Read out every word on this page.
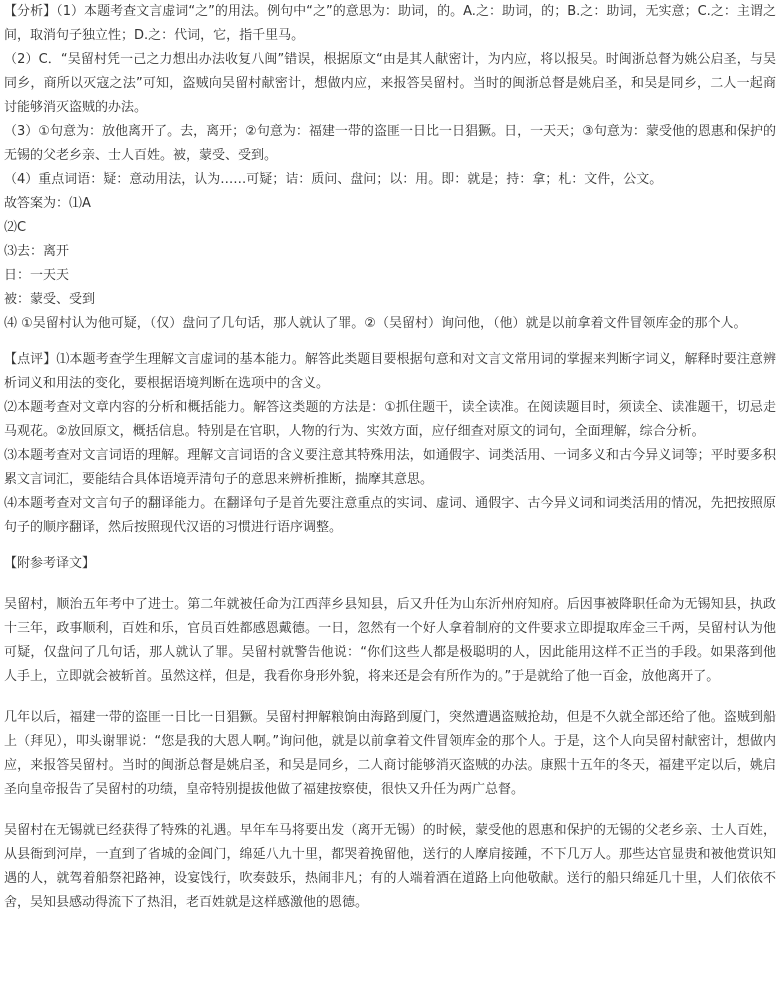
【分析】（1）本题考查文言虚词“之”的用法。例句中“之”的意思为：助词，的。A.之：助词，的；B.之：助词，无实意；C.之：主谓之间，取消句子独立性；D.之：代词，它，指千里马。

（2）C．“吴留村凭一己之力想出办法收复八闽”错误，根据原文“由是其人献密计，为内应，将以报吴。时闽浙总督为姚公启圣，与吴同乡，商所以灭寇之法”可知，盗贼向吴留村献密计，想做内应，来报答吴留村。当时的闽浙总督是姚启圣，和吴是同乡，二人一起商讨能够消灭盗贼的办法。

（3）①句意为：放他离开了。去，离开；②句意为：福建一带的盗匪一日比一日猖獗。日，一天天；③句意为：蒙受他的恩惠和保护的无锡的父老乡亲、士人百姓。被，蒙受、受到。

（4）重点词语：疑：意动用法，认为……可疑；诘：质问、盘问；以：用。即：就是；持：拿；札：文件，公文。

故答案为：⑴A

⑵C

⑶去：离开

日：一天天

被：蒙受、受到

⑷ ①吴留村认为他可疑，（仅）盘问了几句话，那人就认了罪。②（吴留村）询问他，（他）就是以前拿着文件冒领库金的那个人。

【点评】⑴本题考查学生理解文言虚词的基本能力。解答此类题目要根据句意和对文言文常用词的掌握来判断字词义，解释时要注意辨析词义和用法的变化，要根据语境判断在选项中的含义。

⑵本题考查对文章内容的分析和概括能力。解答这类题的方法是：①抓住题干，读全读准。在阅读题目时，须读全、读准题干，切忌走马观花。②放回原文，概括信息。特别是在官职，人物的行为、实效方面，应仔细查对原文的词句，全面理解，综合分析。

⑶本题考查对文言词语的理解。理解文言词语的含义要注意其特殊用法，如通假字、词类活用、一词多义和古今异义词等；平时要多积累文言词汇，要能结合具体语境弄清句子的意思来辨析推断，揣摩其意思。

⑷本题考查对文言句子的翻译能力。在翻译句子是首先要注意重点的实词、虚词、通假字、古今异义词和词类活用的情况，先把按照原句子的顺序翻译，然后按照现代汉语的习惯进行语序调整。

【附参考译文】

吴留村，顺治五年考中了进士。第二年就被任命为江西萍乡县知县，后又升任为山东沂州府知府。后因事被降职任命为无锡知县，执政十三年，政事顺利，百姓和乐，官员百姓都感恩戴德。一日，忽然有一个好人拿着制府的文件要求立即提取库金三千两，吴留村认为他可疑，仅盘问了几句话，那人就认了罪。吴留村就警告他说：“你们这些人都是极聪明的人，因此能用这样不正当的手段。如果落到他人手上，立即就会被斩首。虽然这样，但是，我看你身形外貌，将来还是会有所作为的。”于是就给了他一百金，放他离开了。

几年以后，福建一带的盗匪一日比一日猖獗。吴留村押解粮饷由海路到厦门，突然遭遇盗贼抢劫，但是不久就全部还给了他。盗贼到船上（拜见），叩头谢罪说：“您是我的大恩人啊。”询问他，就是以前拿着文件冒领库金的那个人。于是，这个人向吴留村献密计，想做内应，来报答吴留村。当时的闽浙总督是姚启圣，和吴是同乡，二人商讨能够消灭盗贼的办法。康熙十五年的冬天，福建平定以后，姚启圣向皇帝报告了吴留村的功绩，皇帝特别提拔他做了福建按察使，很快又升任为两广总督。

吴留村在无锡就已经获得了特殊的礼遇。早年车马将要出发（离开无锡）的时候，蒙受他的恩惠和保护的无锡的父老乡亲、士人百姓，从县衙到河岸，一直到了省城的金阊门，绵延八九十里，都哭着挽留他，送行的人摩肩接踵，不下几万人。那些达官显贵和被他赏识知遇的人，就驾着船祭祀路神，设宴饯行，吹奏鼓乐，热闹非凡；有的人端着酒在道路上向他敬献。送行的船只绵延几十里，人们依依不舍，吴知县感动得流下了热泪，老百姓就是这样感激他的恩德。
